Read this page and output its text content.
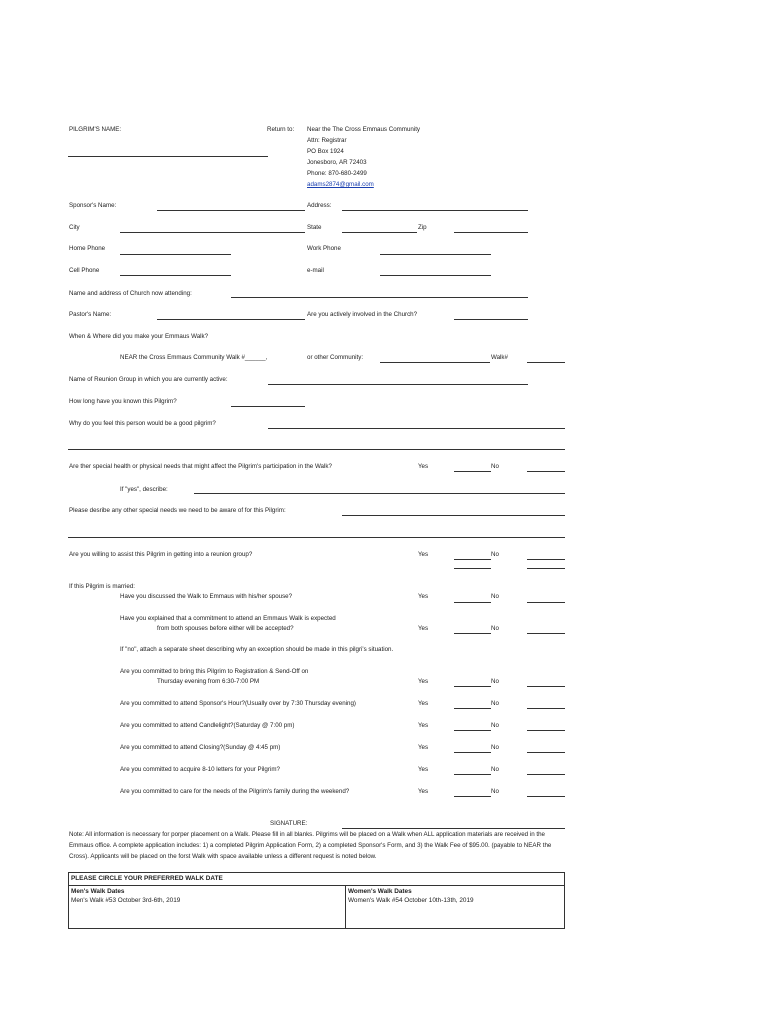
PILGRIM'S NAME:	Return to: Near the The Cross Emmaus Community
Attn: Registrar
PO Box 1924
Jonesboro, AR 72403
Phone: 870-680-2499
adams2874@gmail.com
Sponsor's Name:	Address:
City	State	Zip
Home Phone	Work Phone
Cell Phone	e-mail
Name and address of Church now attending:
Pastor's Name:	Are you actively involved in the Church?
When & Where did you make your Emmaus Walk?
NEAR the Cross Emmaus Community Walk #______,	or other Community:	Walk#
Name of Reunion Group in which you are currently active:
How long have you known this Pilgrim?
Why do you feel this person would be a good pilgrim?
Are ther special health or physical needs that might affect the Pilgrim's participation in the Walk?	Yes	No
If "yes", describe:
Please desribe any other special needs we need to be aware of for this Pilgrim:
Are you willing to assist this Pilgrim in getting into a reunion group?	Yes	No
If this Pilgrim is married:
Have you discussed the Walk to Emmaus with his/her spouse?	Yes	No
Have you explained that a commitment to attend an Emmaus Walk is expected
from both spouses before either will be accepted?	Yes	No
If "no", attach a separate sheet describing why an exception should be made in this pilgri's situation.
Are you committed to bring this Pilgrim to Registration & Send-Off on
Thursday evening from 6:30-7:00 PM	Yes	No
Are you committed to attend Sponsor's Hour?(Usually over by 7:30 Thursday evening)	Yes	No
Are you committed to attend Candlelight?(Saturday @ 7:00 pm)	Yes	No
Are you committed to attend Closing?(Sunday @ 4:45 pm)	Yes	No
Are you committed to acquire 8-10 letters for your Pilgrim?	Yes	No
Are you committed to care for the needs of the Pilgrim's family during the weekend?	Yes	No
SIGNATURE:
Note: All information is necessary for porper placement on a Walk. Please fill in all blanks. Pilgrims will be placed on a Walk when ALL application materials are received in the Emmaus office. A complete application includes: 1) a completed Pilgrim Application Form, 2) a completed Sponsor's Form, and 3) the Walk Fee of $95.00. (payable to NEAR the Cross). Applicants will be placed on the forst Walk with space available unless a different request is noted below.
PLEASE CIRCLE YOUR PREFERRED WALK DATE

Men's Walk Dates
Men's Walk #53 October 3rd-6th, 2019

Women's Walk Dates
Women's Walk #54 October 10th-13th, 2019
